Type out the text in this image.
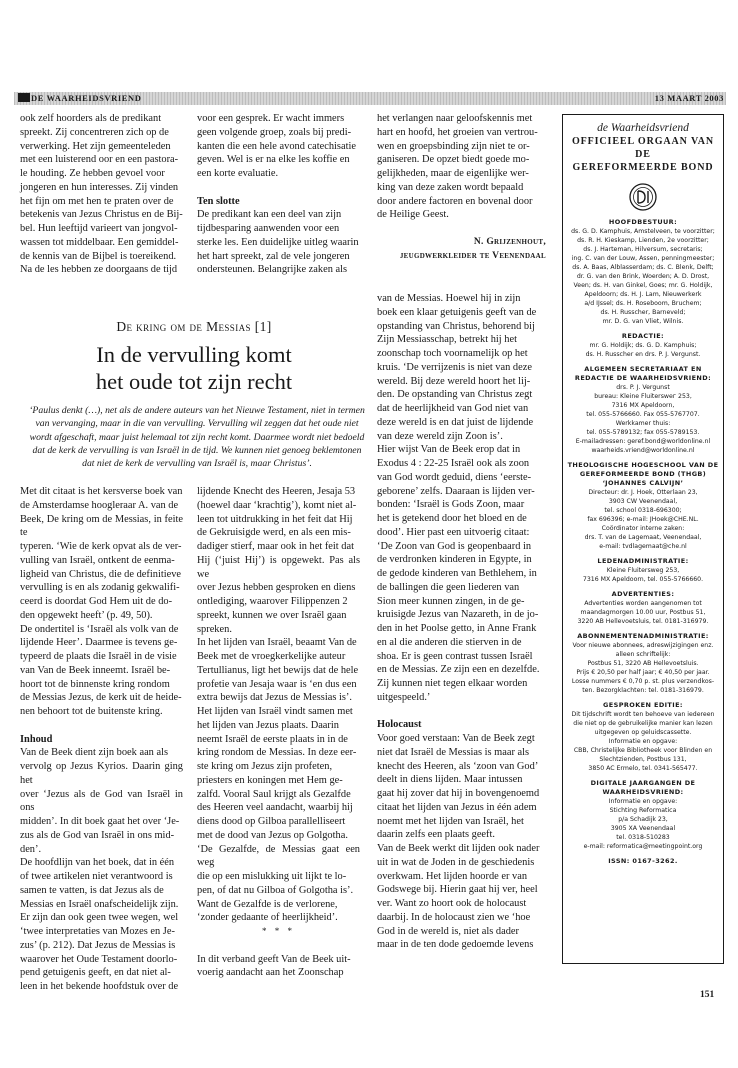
DE WAARHEIDSVRIEND	13 MAART 2003
ook zelf hoorders als de predikant
spreekt. Zij concentreren zich op de
verwerking. Het zijn gemeenteleden
met een luisterend oor en een pastora-
le houding. Ze hebben gevoel voor
jongeren en hun interesses. Zij vinden
het fijn om met hen te praten over de
betekenis van Jezus Christus en de Bij-
bel. Hun leeftijd varieert van jongvol-
wassen tot middelbaar. Een gemiddel-
de kennis van de Bijbel is toereikend.
Na de les hebben ze doorgaans de tijd
voor een gesprek. Er wacht immers
geen volgende groep, zoals bij predi-
kanten die een hele avond catechisatie
geven. Wel is er na elke les koffie en
een korte evaluatie.
Ten slotte
De predikant kan een deel van zijn
tijdbesparing aanwenden voor een
sterke les. Een duidelijke uitleg waarin
het hart spreekt, zal de vele jongeren
ondersteunen. Belangrijke zaken als
het verlangen naar geloofskennis met
hart en hoofd, het groeien van vertrou-
wen en groepsbinding zijn niet te or-
ganiseren. De opzet biedt goede mo-
gelijkheden, maar de eigenlijke wer-
king van deze zaken wordt bepaald
door andere factoren en bovenal door
de Heilige Geest.
N. Grijzenhout,
jeugdwerkleider te Veenendaal
De kring om de Messias [1]
In de vervulling komt
het oude tot zijn recht
‘Paulus denkt (…), net als de andere auteurs van het Nieuwe Testament, niet in termen
van vervanging, maar in die van vervulling. Vervulling wil zeggen dat het oude niet
wordt afgeschaft, maar juist helemaal tot zijn recht komt. Daarmee wordt niet bedoeld
dat de kerk de vervulling is van Israël in de tijd. We kunnen niet genoeg beklemtonen
dat niet de kerk de vervulling van Israël is, maar Christus’.
Met dit citaat is het kersverse boek van
de Amsterdamse hoogleraar A. van de
Beek, De kring om de Messias, in feite te
typeren. ‘Wie de kerk opvat als de ver-
vulling van Israël, ontkent de eenma-
ligheid van Christus, die de definitieve
vervulling is en als zodanig gekwalifi-
ceerd is doordat God Hem uit de do-
den opgewekt heeft’ (p. 49, 50).
De ondertitel is ‘Israël als volk van de
lijdende Heer’. Daarmee is tevens ge-
typeerd de plaats die Israël in de visie
van Van de Beek inneemt. Israël be-
hoort tot de binnenste kring rondom
de Messias Jezus, de kerk uit de heide-
nen behoort tot de buitenste kring.
Inhoud
Van de Beek dient zijn boek aan als
vervolg op Jezus Kyrios. Daarin ging het
over ‘Jezus als de God van Israël in ons
midden’. In dit boek gaat het over ‘Je-
zus als de God van Israël in ons mid-
den’.
De hoofdlijn van het boek, dat in één
of twee artikelen niet verantwoord is
samen te vatten, is dat Jezus als de
Messias en Israël onafscheidelijk zijn.
Er zijn dan ook geen twee wegen, wel
‘twee interpretaties van Mozes en Je-
zus’ (p. 212). Dat Jezus de Messias is
waarover het Oude Testament doorlo-
pend getuigenis geeft, en dat niet al-
leen in het bekende hoofdstuk over de
lijdende Knecht des Heeren, Jesaja 53
(hoewel daar ‘krachtig’), komt niet al-
leen tot uitdrukking in het feit dat Hij
de Gekruisigde werd, en als een mis-
dadiger stierf, maar ook in het feit dat
Hij (‘juist Hij’) is opgewekt. Pas als we
over Jezus hebben gesproken en diens
ontlediging, waarover Filippenzen 2
spreekt, kunnen we over Israël gaan
spreken.
In het lijden van Israël, beaamt Van de
Beek met de vroegkerkelijke auteur
Tertullianus, ligt het bewijs dat de hele
profetie van Jesaja waar is ‘en dus een
extra bewijs dat Jezus de Messias is’.
Het lijden van Israël vindt samen met
het lijden van Jezus plaats. Daarin
neemt Israël de eerste plaats in in de
kring rondom de Messias. In deze eer-
ste kring om Jezus zijn profeten,
priesters en koningen met Hem ge-
zalfd. Vooral Saul krijgt als Gezalfde
des Heeren veel aandacht, waarbij hij
diens dood op Gilboa parallelliseert
met de dood van Jezus op Golgotha.
‘De Gezalfde, de Messias gaat een weg
die op een mislukking uit lijkt te lo-
pen, of dat nu Gilboa of Golgotha is’.
Want de Gezalfde is de verlorene,
‘zonder gedaante of heerlijkheid’.
* * *
In dit verband geeft Van de Beek uit-
voerig aandacht aan het Zoonschap
van de Messias. Hoewel hij in zijn
boek een klaar getuigenis geeft van de
opstanding van Christus, behorend bij
Zijn Messiasschap, betrekt hij het
zoonschap toch voornamelijk op het
kruis. ‘De verrijzenis is niet van deze
wereld. Bij deze wereld hoort het lij-
den. De opstanding van Christus zegt
dat de heerlijkheid van God niet van
deze wereld is en dat juist de lijdende
van deze wereld zijn Zoon is’.
Hier wijst Van de Beek erop dat in
Exodus 4 : 22-25 Israël ook als zoon
van God wordt geduid, diens ‘eerste-
geborene’ zelfs. Daaraan is lijden ver-
bonden: ‘Israël is Gods Zoon, maar
het is getekend door het bloed en de
dood’. Hier past een uitvoerig citaat:
‘De Zoon van God is geopenbaard in
de verdronken kinderen in Egypte, in
de gedode kinderen van Bethlehem, in
de ballingen die geen liederen van
Sion meer kunnen zingen, in de ge-
kruisigde Jezus van Nazareth, in de jo-
den in het Poolse getto, in Anne Frank
en al die anderen die stierven in de
shoa. Er is geen contrast tussen Israël
en de Messias. Ze zijn een en dezelfde.
Zij kunnen niet tegen elkaar worden
uitgespeeld.’
Holocaust
Voor goed verstaan: Van de Beek zegt
niet dat Israël de Messias is maar als
knecht des Heeren, als ‘zoon van God’
deelt in diens lijden. Maar intussen
gaat hij zover dat hij in bovengenoemd
citaat het lijden van Jezus in één adem
noemt met het lijden van Israël, het
daarin zelfs een plaats geeft.
Van de Beek werkt dit lijden ook nader
uit in wat de Joden in de geschiedenis
overkwam. Het lijden hoorde er van
Godswege bij. Hierin gaat hij ver, heel
ver. Want zo hoort ook de holocaust
daarbij. In de holocaust zien we ‘hoe
God in de wereld is, niet als dader
maar in de ten dode gedoemde levens
de Waarheidsvriend
OFFICIEEL ORGAAN VAN DE
GEREFORMEERDE BOND
HOOFDBESTUUR:
ds. G. D. Kamphuis, Amstelveen, te voorzitter;
ds. R. H. Kieskamp, Lienden, 2e voorzitter;
ds. J. Harteman, Hilversum, secretaris;
ing. C. van der Louw, Assen, penningmeester;
ds. A. Baas, Alblasserdam; ds. C. Blenk, Delft;
dr. G. van den Brink, Woerden; A. D. Drost,
Veen; ds. H. van Ginkel, Goes; mr. G. Holdijk,
Apeldoorn; ds. H. J. Lam, Nieuwerkerk
a/d IJssel; ds. H. Roseboom, Bruchem;
ds. H. Russcher, Barneveld;
mr. D. G. van Vliet, Wilnis.
REDACTIE:
mr. G. Holdijk; ds. G. D. Kamphuis;
ds. H. Russcher en drs. P. J. Vergunst.
ALGEMEEN SECRETARIAAT EN REDACTIE DE WAARHEIDSVRIEND:
drs. P. J. Vergunst
bureau: Kleine Fluiterswег 253,
7316 MX Apeldoorn,
tel. 055-5766660. Fax 055-5767707.
Werkkamer thuis:
tel. 055-5789132; fax 055-5789153.
E-mailadressen: geref.bond@worldonline.nl
waarheids.vriend@worldonline.nl
THEOLOGISCHE HOGESCHOOL VAN DE GEREFORMEERDE BOND (THGB) ‘JOHANNES CALVIJN’
Directeur: dr. J. Hoek, Otterlaan 23,
3903 CW Veenendaal,
tel. school 0318-696300;
fax 696396; e-mail: JHoek@CHE.NL.
Coördinator interne zaken:
drs. T. van de Lagemaat, Veenendaal,
e-mail: tvdlagemaat@che.nl
LEDENADMINISTRATIE:
Kleine Fluitersweg 253,
7316 MX Apeldoorn, tel. 055-5766660.
ADVERTENTIES:
Advertenties worden aangenomen tot
maandagmorgen 10.00 uur, Postbus 51,
3220 AB Hellevoetsluis, tel. 0181-316979.
ABONNEMENTENADMINISTRATIE:
Voor nieuwe abonnees, adreswijzigingen enz.
alleen schriftelijk:
Postbus 51, 3220 AB Hellevoetsluis.
Prijs € 20,50 per half jaar; € 40,50 per jaar.
Losse nummers € 0,70 p. st. plus verzendkos-
ten. Bezorgklachten: tel. 0181-316979.
GESPROKEN EDITIE:
Dit tijdschrift wordt ten behoeve van iedereen
die niet op de gebruikelijke manier kan lezen
uitgegeven op geluidscassette.
Informatie en opgave:
CBB, Christelijke Bibliotheek voor Blinden en
Slechtzienden, Postbus 131,
3850 AC Ermelo, tel. 0341-565477.
DIGITALE JAARGANGEN DE WAARHEIDSVRIEND:
Informatie en opgave:
Stichting Reformatica
p/a Schadijk 23,
3905 XA Veenendaal
tel. 0318-510283
e-mail: reformatica@meetingpoint.org
ISSN: 0167-3262.
151
